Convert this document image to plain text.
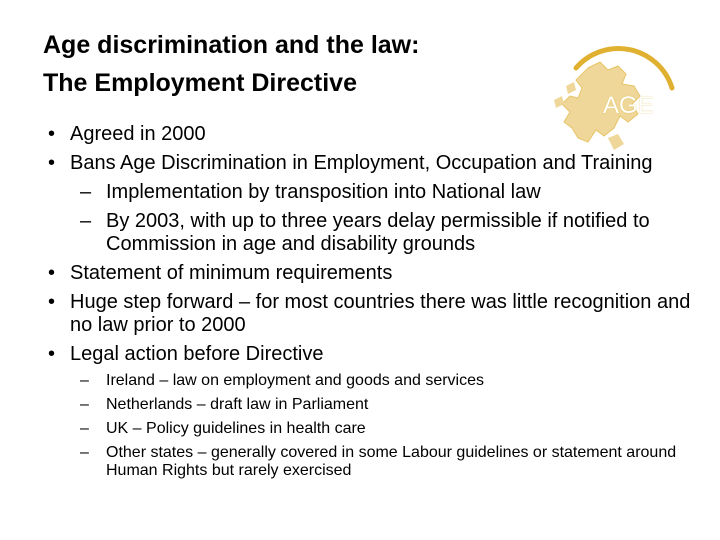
Age discrimination and the law:
The Employment Directive
AGE
• Agreed in 2000
• Bans Age Discrimination in Employment, Occupation and Training
– Implementation by transposition into National law
– By 2003, with up to three years delay permissible if notified to Commission in age and disability grounds
• Statement of minimum requirements
• Huge step forward – for most countries there was little recognition and no law prior to 2000
• Legal action before Directive
– Ireland – law on employment and goods and services
– Netherlands – draft law in Parliament
– UK – Policy guidelines in health care
– Other states – generally covered in some Labour guidelines or statement around Human Rights but rarely exercised
